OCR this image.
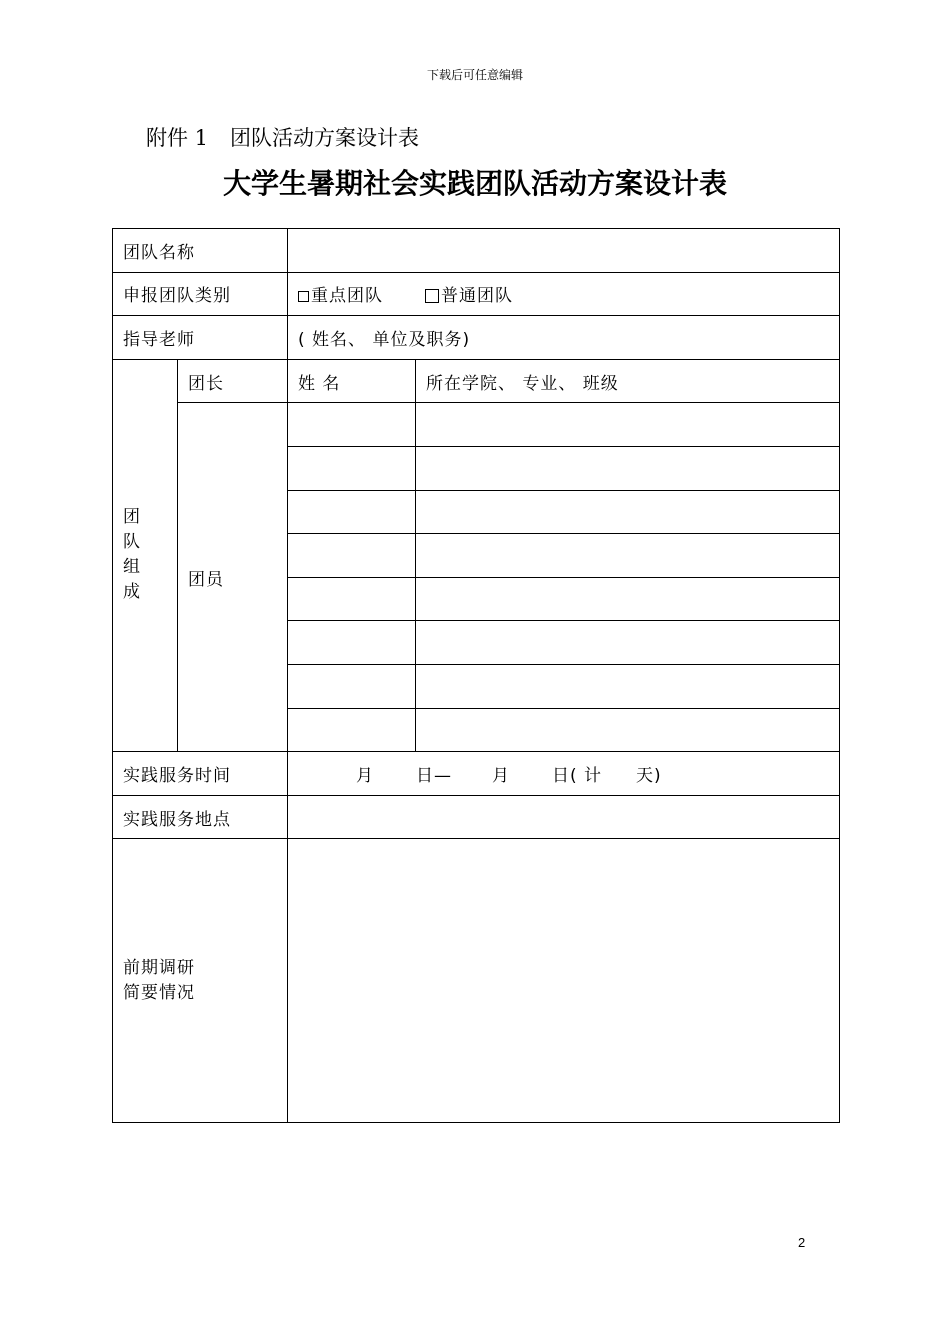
下载后可任意编辑
附件 1 团队活动方案设计表
大学生暑期社会实践团队活动方案设计表
团队名称			
申报团队类别		重点团队 普通团队	
指导老师		( 姓名、 单位及职务)	

团队组成	团长	姓 名	所在学院、 专业、 班级
	团员		

实践服务时间		月 日— 月 日( 计 天)	
实践服务地点			

前期调研
简要情况			

2
